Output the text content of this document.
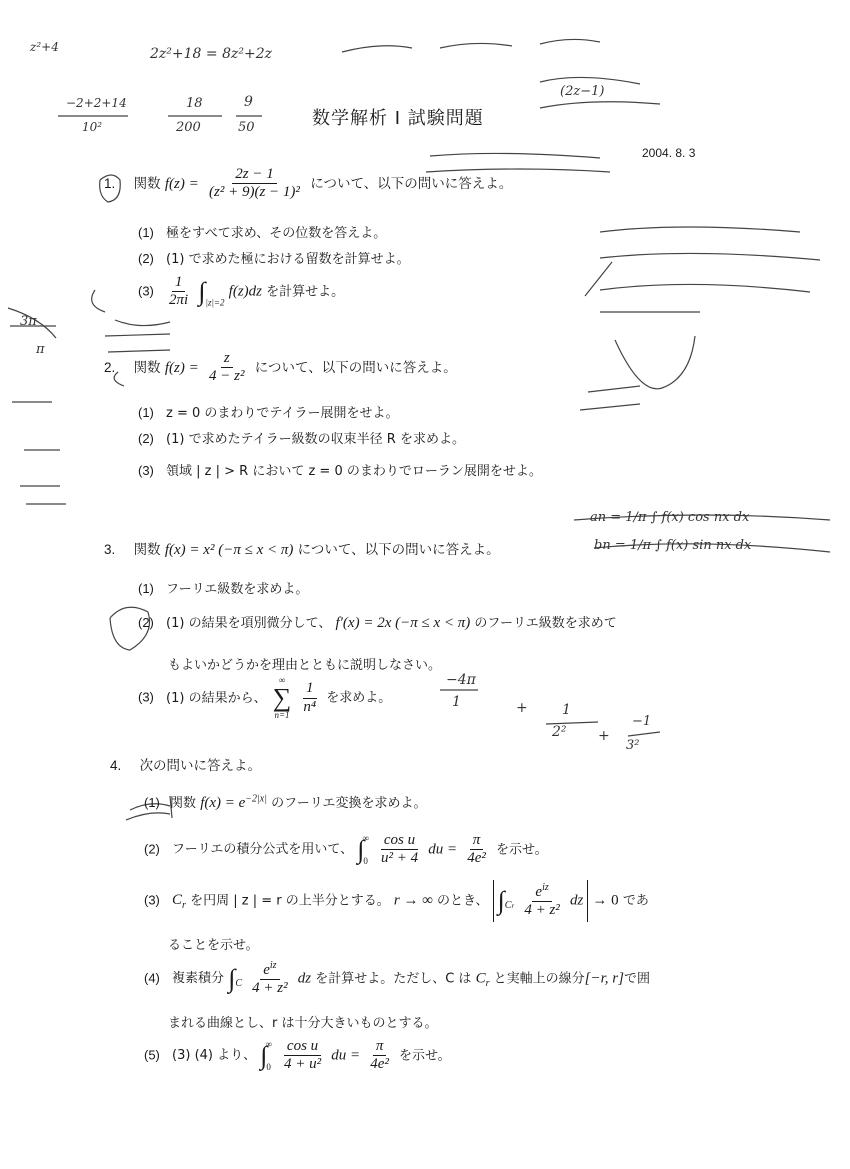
z²+4	2z²+18 = 8z²+2z
−2+2+14
10²
18
200
9
50
(2z−1)
3π
π
an = 1/π ∫ f(x) cos nx dx
bn = 1/π ∫ f(x) sin nx dx
−4π
1	+ 1
2² +
−1
3²
数学解析 I 試験問題
2004. 8. 3
1. 関数 $f(z) = \frac{2z - 1}{\text{(z² + 9)(z − 1)²}}$ について、以下の問いに答えよ。
(1) 極をすべて求め、その位数を答えよ。
(2) (1) で求めた極における留数を計算せよ。
$(3) \frac{1}{2\pi i} \int_{|z|=2}$ f(z)dz を計算せよ。
2. 関数 $f(z) = \frac{z}{\text{4 − z²}}$ について、以下の問いに答えよ。
(1) z = 0 のまわりでテイラー展開をせよ。
(2) (1) で求めたテイラー級数の収束半径 R を求めよ。
(3) 領域 | z | > R において z = 0 のまわりでローラン展開をせよ。
3. 関数 f(x) = x² (−π ≤ x < π) について、以下の問いに答えよ。
(1) フーリエ級数を求めよ。
(2) (1) の結果を項別微分して、 f′(x) = 2x (−π ≤ x < π) のフーリエ級数を求めて
もよいかどうかを理由とともに説明しなさい。
(3) (1) の結果から、
∞
∑
n=1
$\frac{1}{\text{n⁴}}$ を求めよ。
4. 次の問いに答えよ。
(1) 関数 $f(x) = e^{-2|x|}$ のフーリエ変換を求めよ。
(2) フーリエの積分公式を用いて、 ∫
∞
0
$\frac{\text{cos u}}{\text{u² + 4}}$ du = $\frac{\pi}{\text{4e²}}$ を示せ。
(3) $C_r$ を円周 | z | = r の上半分とする。 r → ∞ のとき、 $\int_{Cr} \frac{e^{iz}}{\text{4 + z²}}$ dz → 0 であ
ることを示せ。
(4) 複素積分 $\int_C \frac{e^{iz}}{\text{4 + z²}}$ dz を計算せよ。ただし、C は $C_r$ と実軸上の線分[−r, r]で囲
まれる曲線とし、r は十分大きいものとする。
(5) (3) (4) より、 ∫
∞
0
$\frac{\text{cos u}}{\text{4 + u²}}$ du = $\frac{\pi}{\text{4e²}}$ を示せ。
